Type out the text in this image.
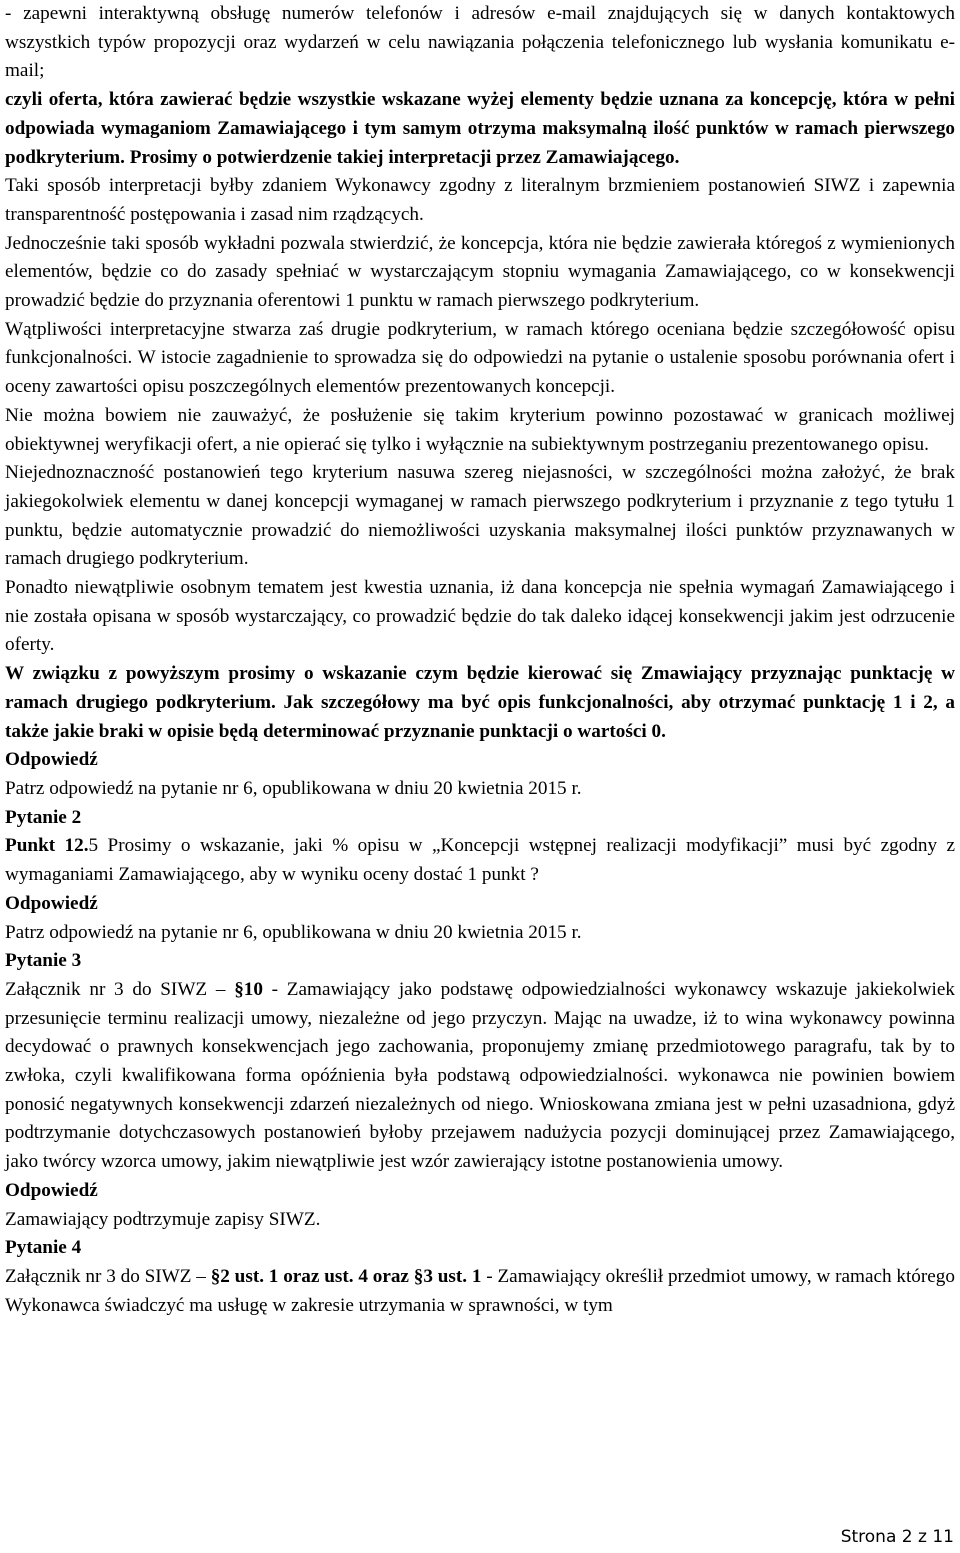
- zapewni interaktywną obsługę numerów telefonów i adresów e-mail znajdujących się w danych kontaktowych wszystkich typów propozycji oraz wydarzeń w celu nawiązania połączenia telefonicznego lub wysłania komunikatu e-mail;

czyli oferta, która zawierać będzie wszystkie wskazane wyżej elementy będzie uznana za koncepcję, która w pełni odpowiada wymaganiom Zamawiającego i tym samym otrzyma maksymalną ilość punktów w ramach pierwszego podkryterium. Prosimy o potwierdzenie takiej interpretacji przez Zamawiającego.

Taki sposób interpretacji byłby zdaniem Wykonawcy zgodny z literalnym brzmieniem postanowień SIWZ i zapewnia transparentność postępowania i zasad nim rządzących.

Jednocześnie taki sposób wykładni pozwala stwierdzić, że koncepcja, która nie będzie zawierała któregoś z wymienionych elementów, będzie co do zasady spełniać w wystarczającym stopniu wymagania Zamawiającego, co w konsekwencji prowadzić będzie do przyznania oferentowi 1 punktu w ramach pierwszego podkryterium.

Wątpliwości interpretacyjne stwarza zaś drugie podkryterium, w ramach którego oceniana będzie szczegółowość opisu funkcjonalności. W istocie zagadnienie to sprowadza się do odpowiedzi na pytanie o ustalenie sposobu porównania ofert i oceny zawartości opisu poszczególnych elementów prezentowanych koncepcji.

Nie można bowiem nie zauważyć, że posłużenie się takim kryterium powinno pozostawać w granicach możliwej obiektywnej weryfikacji ofert, a nie opierać się tylko i wyłącznie na subiektywnym postrzeganiu prezentowanego opisu.

Niejednoznaczność postanowień tego kryterium nasuwa szereg niejasności, w szczególności można założyć, że brak jakiegokolwiek elementu w danej koncepcji wymaganej w ramach pierwszego podkryterium i przyznanie z tego tytułu 1 punktu, będzie automatycznie prowadzić do niemożliwości uzyskania maksymalnej ilości punktów przyznawanych w ramach drugiego podkryterium.

Ponadto niewątpliwie osobnym tematem jest kwestia uznania, iż dana koncepcja nie spełnia wymagań Zamawiającego i nie została opisana w sposób wystarczający, co prowadzić będzie do tak daleko idącej konsekwencji jakim jest odrzucenie oferty.

W związku z powyższym prosimy o wskazanie czym będzie kierować się Zmawiający przyznając punktację w ramach drugiego podkryterium. Jak szczegółowy ma być opis funkcjonalności, aby otrzymać punktację 1 i 2, a także jakie braki w opisie będą determinować przyznanie punktacji o wartości 0.

Odpowiedź

Patrz odpowiedź na pytanie nr 6, opublikowana w dniu 20 kwietnia 2015 r.

Pytanie 2

Punkt 12.5 Prosimy o wskazanie, jaki % opisu w „Koncepcji wstępnej realizacji modyfikacji” musi być zgodny z wymaganiami Zamawiającego, aby w wyniku oceny dostać 1 punkt ?

Odpowiedź

Patrz odpowiedź na pytanie nr 6, opublikowana w dniu 20 kwietnia 2015 r.

Pytanie 3

Załącznik nr 3 do SIWZ – §10 - Zamawiający jako podstawę odpowiedzialności wykonawcy wskazuje jakiekolwiek przesunięcie terminu realizacji umowy, niezależne od jego przyczyn. Mając na uwadze, iż to wina wykonawcy powinna decydować o prawnych konsekwencjach jego zachowania, proponujemy zmianę przedmiotowego paragrafu, tak by to zwłoka, czyli kwalifikowana forma opóźnienia była podstawą odpowiedzialności. wykonawca nie powinien bowiem ponosić negatywnych konsekwencji zdarzeń niezależnych od niego. Wnioskowana zmiana jest w pełni uzasadniona, gdyż podtrzymanie dotychczasowych postanowień byłoby przejawem nadużycia pozycji dominującej przez Zamawiającego, jako twórcy wzorca umowy, jakim niewątpliwie jest wzór zawierający istotne postanowienia umowy.

Odpowiedź

Zamawiający podtrzymuje zapisy SIWZ.

Pytanie 4

Załącznik nr 3 do SIWZ – §2 ust. 1 oraz ust. 4 oraz §3 ust. 1 - Zamawiający określił przedmiot umowy, w ramach którego Wykonawca świadczyć ma usługę w zakresie utrzymania w sprawności, w tym

Strona 2 z 11
